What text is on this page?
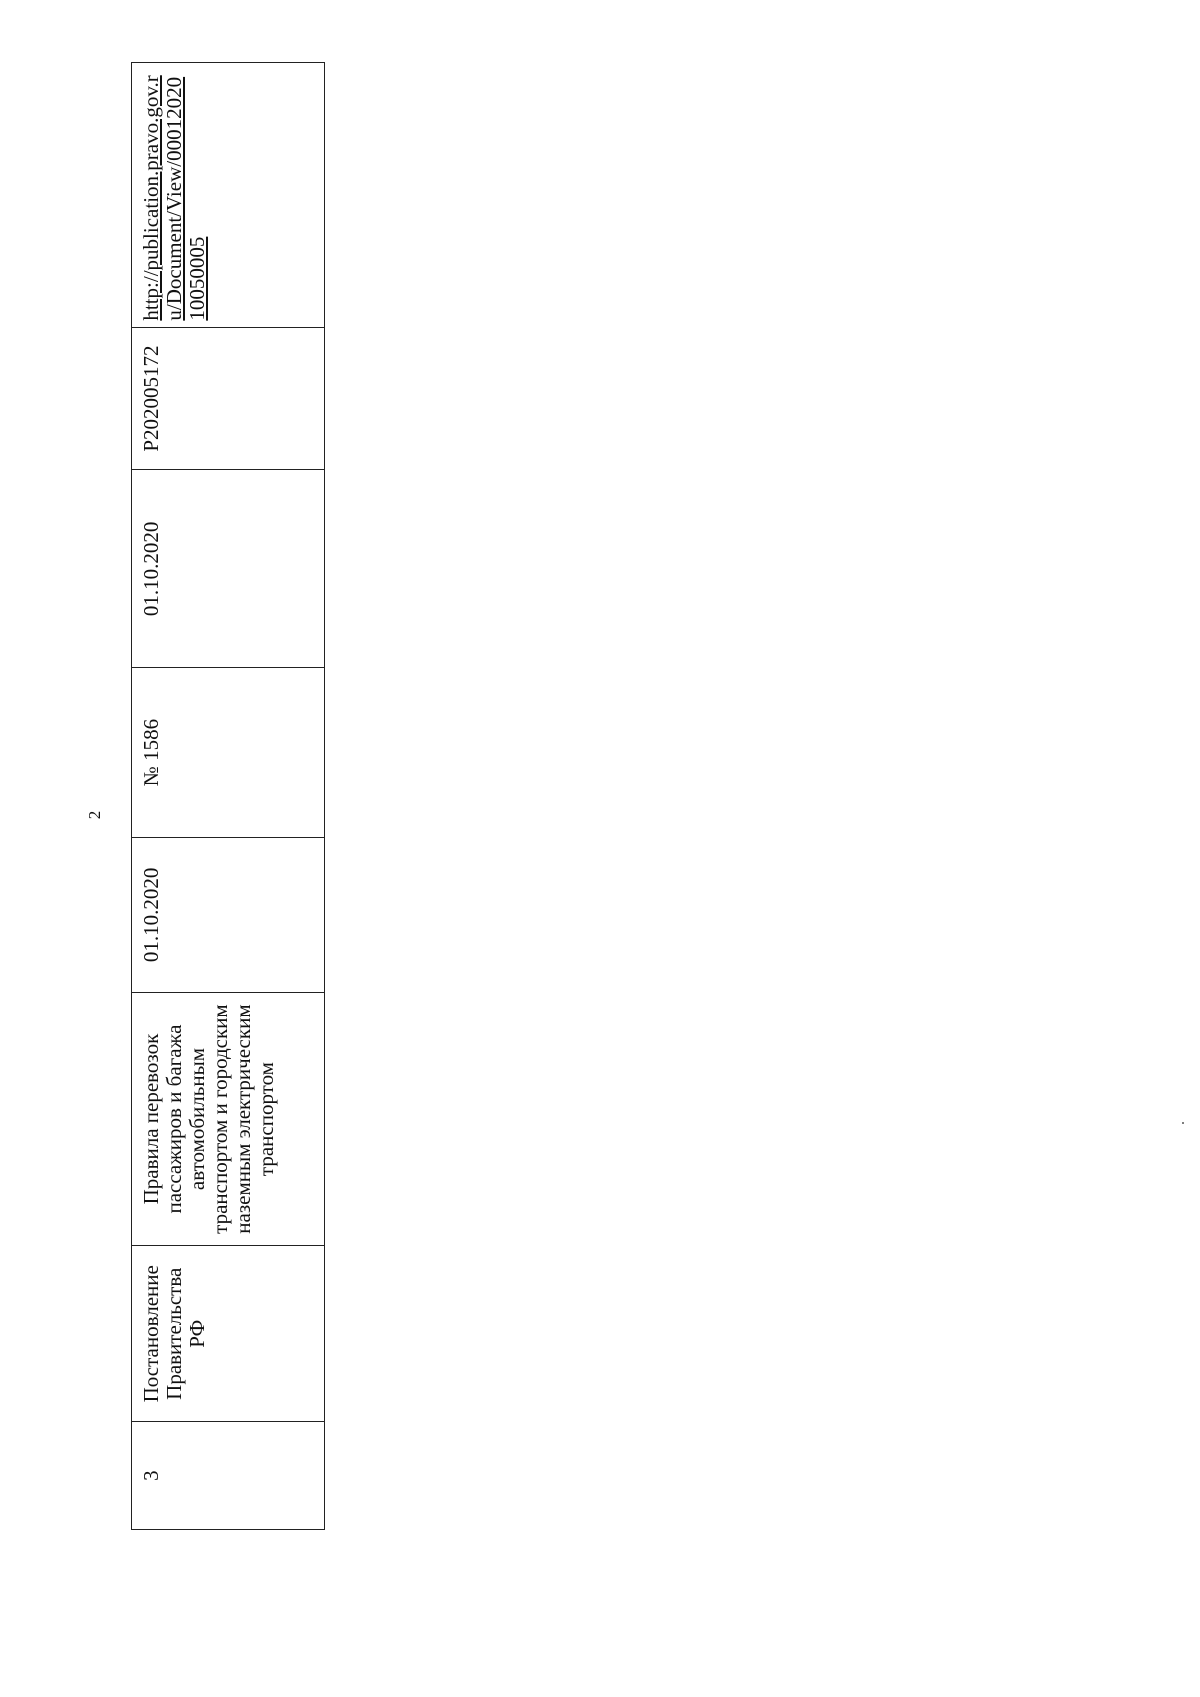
2
3
Постановление Правительства РФ
Правила перевозок пассажиров и багажа автомобильным транспортом и городским наземным электрическим транспортом
01.10.2020
№ 1586
01.10.2020
P202005172
http://publication.pravo.gov.ru/Document/View/0001202010050005
